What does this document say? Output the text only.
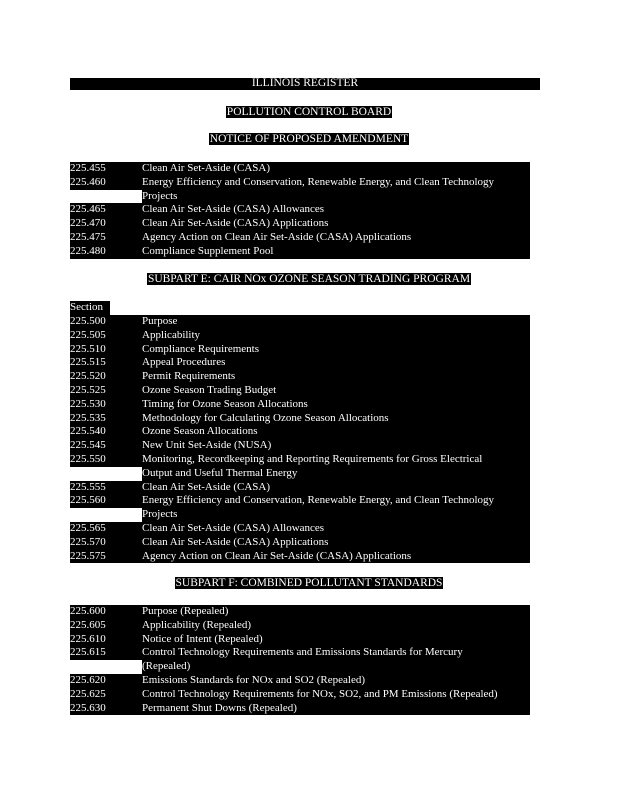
ILLINOIS REGISTER
POLLUTION CONTROL BOARD
NOTICE OF PROPOSED AMENDMENT
225.455	Clean Air Set-Aside (CASA)
225.460	Energy Efficiency and Conservation, Renewable Energy, and Clean Technology
Projects
225.465	Clean Air Set-Aside (CASA) Allowances
225.470	Clean Air Set-Aside (CASA) Applications
225.475	Agency Action on Clean Air Set-Aside (CASA) Applications
225.480	Compliance Supplement Pool
SUBPART E: CAIR NOx OZONE SEASON TRADING PROGRAM
Section
225.500	Purpose
225.505	Applicability
225.510	Compliance Requirements
225.515	Appeal Procedures
225.520	Permit Requirements
225.525	Ozone Season Trading Budget
225.530	Timing for Ozone Season Allocations
225.535	Methodology for Calculating Ozone Season Allocations
225.540	Ozone Season Allocations
225.545	New Unit Set-Aside (NUSA)
225.550	Monitoring, Recordkeeping and Reporting Requirements for Gross Electrical
Output and Useful Thermal Energy
225.555	Clean Air Set-Aside (CASA)
225.560	Energy Efficiency and Conservation, Renewable Energy, and Clean Technology
Projects
225.565	Clean Air Set-Aside (CASA) Allowances
225.570	Clean Air Set-Aside (CASA) Applications
225.575	Agency Action on Clean Air Set-Aside (CASA) Applications
SUBPART F: COMBINED POLLUTANT STANDARDS
225.600	Purpose (Repealed)
225.605	Applicability (Repealed)
225.610	Notice of Intent (Repealed)
225.615	Control Technology Requirements and Emissions Standards for Mercury
(Repealed)
225.620	Emissions Standards for NOx and SO2 (Repealed)
225.625	Control Technology Requirements for NOx, SO2, and PM Emissions (Repealed)
225.630	Permanent Shut Downs (Repealed)
